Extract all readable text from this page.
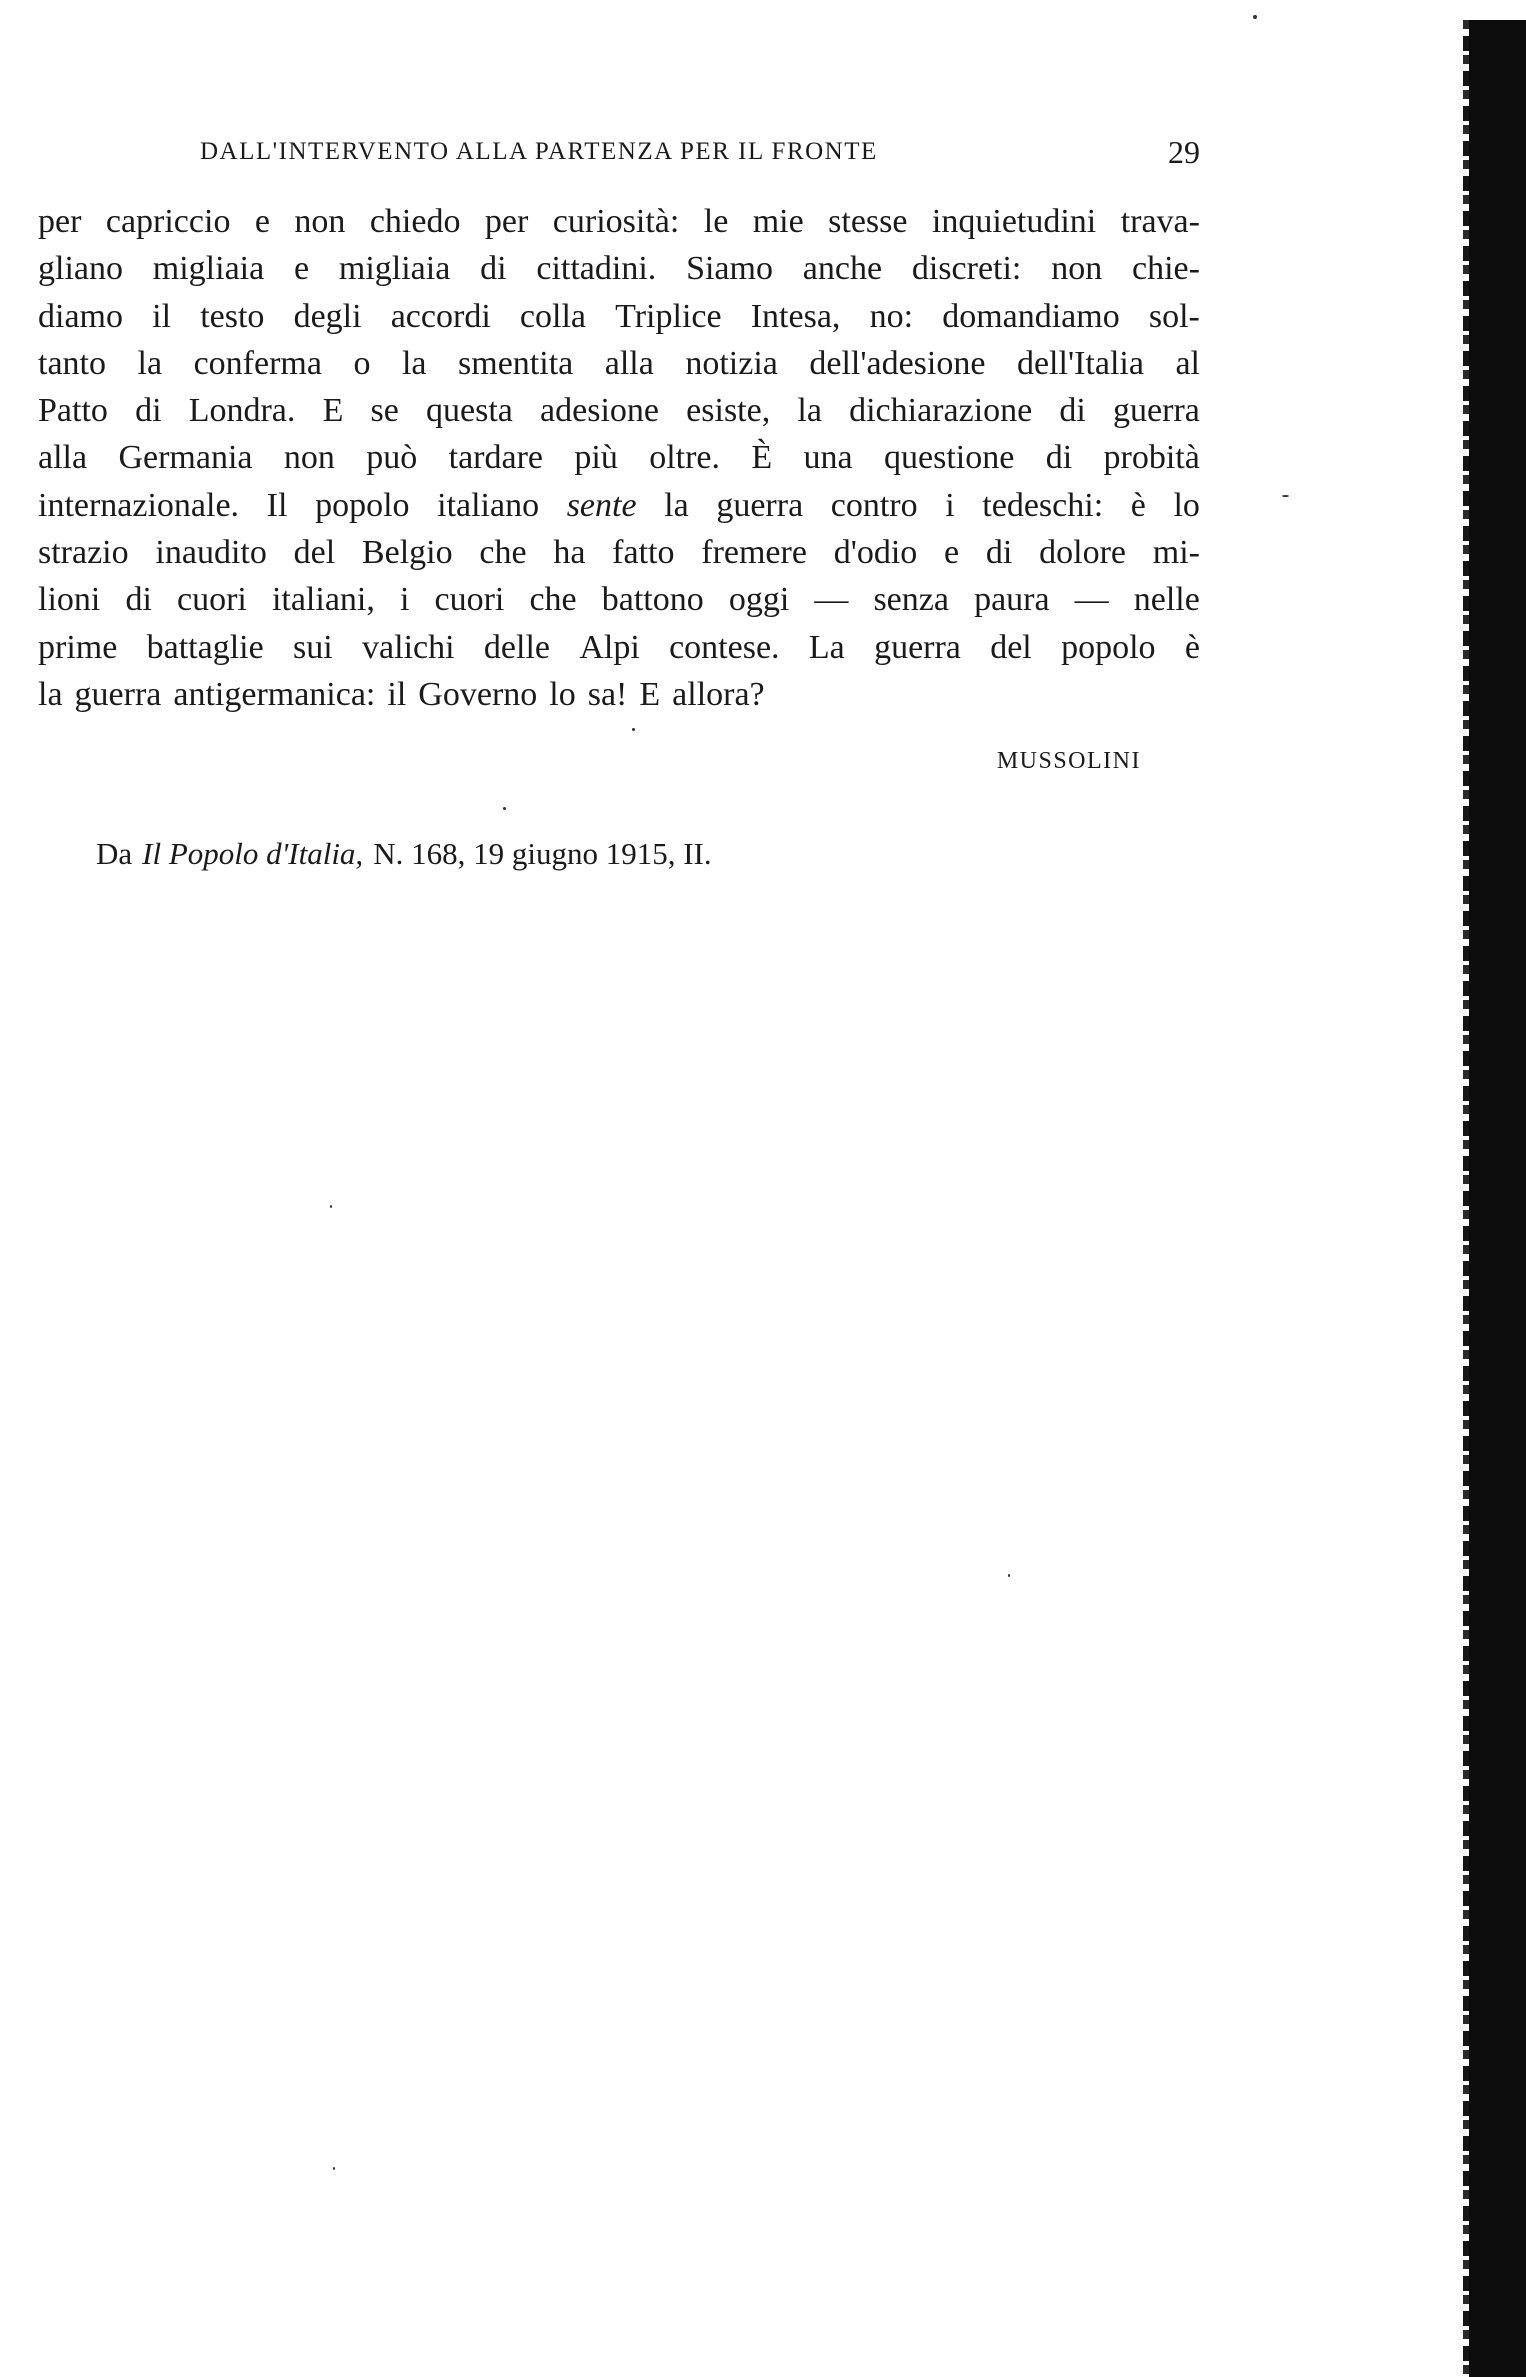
DALL'INTERVENTO ALLA PARTENZA PER IL FRONTE	29
per capriccio e non chiedo per curiosità: le mie stesse inquietudini trava-
gliano migliaia e migliaia di cittadini. Siamo anche discreti: non chie-
diamo il testo degli accordi colla Triplice Intesa, no: domandiamo sol-
tanto la conferma o la smentita alla notizia dell'adesione dell'Italia al
Patto di Londra. E se questa adesione esiste, la dichiarazione di guerra
alla Germania non può tardare più oltre. È una questione di probità
internazionale. Il popolo italiano sente la guerra contro i tedeschi: è lo
strazio inaudito del Belgio che ha fatto fremere d'odio e di dolore mi-
lioni di cuori italiani, i cuori che battono oggi — senza paura — nelle
prime battaglie sui valichi delle Alpi contese. La guerra del popolo è
la guerra antigermanica: il Governo lo sa! E allora?
MUSSOLINI
Da Il Popolo d'Italia, N. 168, 19 giugno 1915, II.
